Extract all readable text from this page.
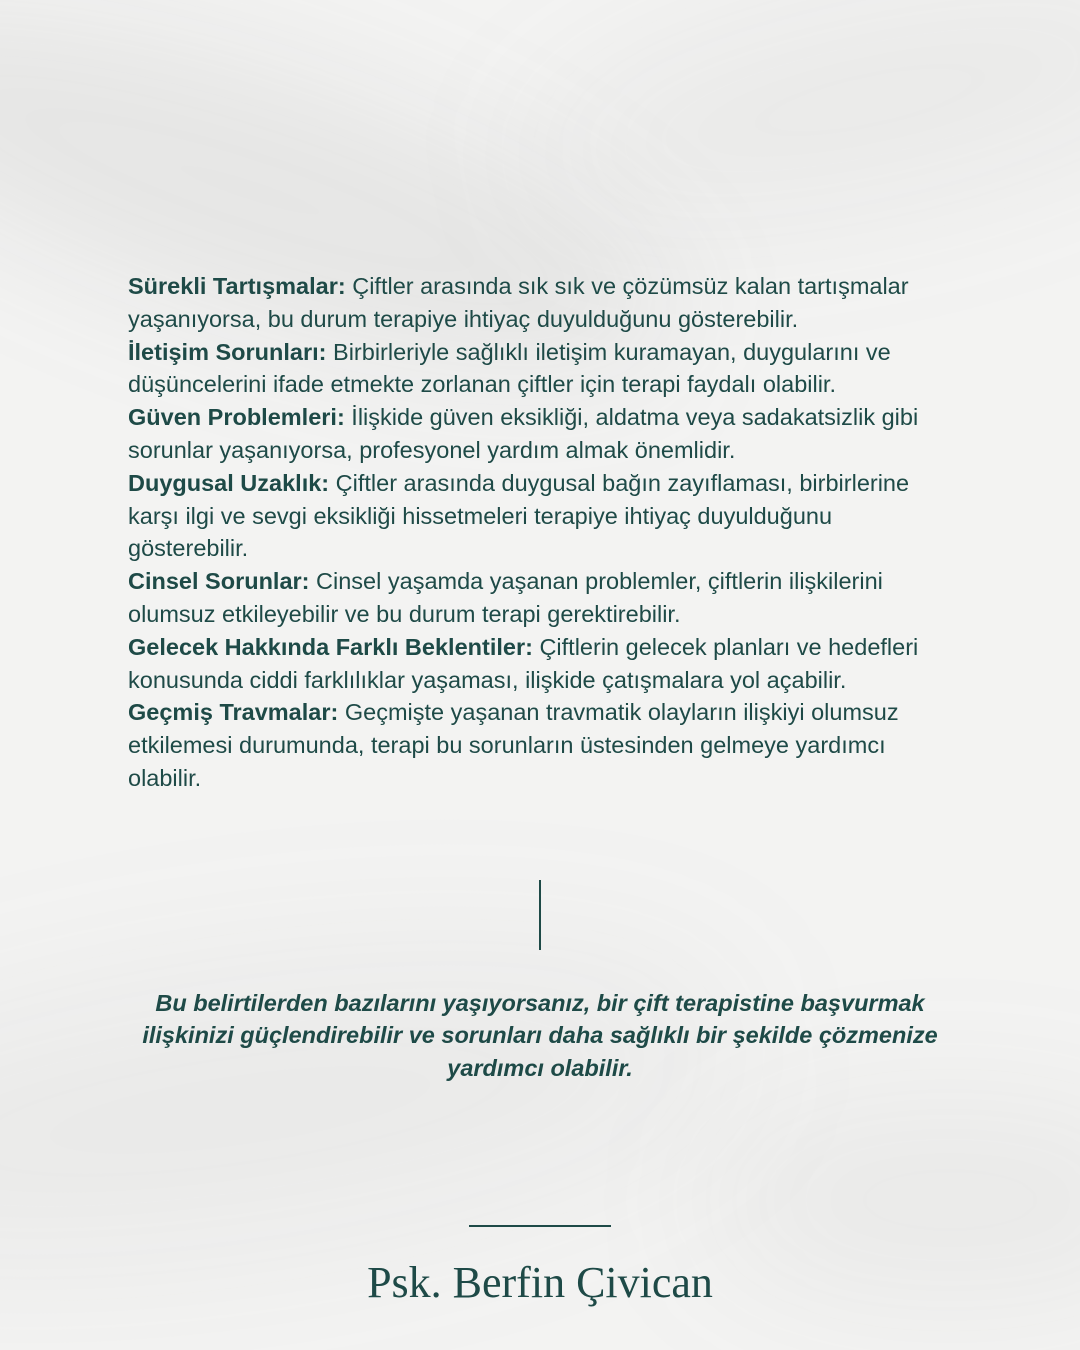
Sürekli Tartışmalar: Çiftler arasında sık sık ve çözümsüz kalan tartışmalar yaşanıyorsa, bu durum terapiye ihtiyaç duyulduğunu gösterebilir.

İletişim Sorunları: Birbirleriyle sağlıklı iletişim kuramayan, duygularını ve düşüncelerini ifade etmekte zorlanan çiftler için terapi faydalı olabilir.

Güven Problemleri: İlişkide güven eksikliği, aldatma veya sadakatsizlik gibi sorunlar yaşanıyorsa, profesyonel yardım almak önemlidir.

Duygusal Uzaklık: Çiftler arasında duygusal bağın zayıflaması, birbirlerine karşı ilgi ve sevgi eksikliği hissetmeleri terapiye ihtiyaç duyulduğunu gösterebilir.

Cinsel Sorunlar: Cinsel yaşamda yaşanan problemler, çiftlerin ilişkilerini olumsuz etkileyebilir ve bu durum terapi gerektirebilir.

Gelecek Hakkında Farklı Beklentiler: Çiftlerin gelecek planları ve hedefleri konusunda ciddi farklılıklar yaşaması, ilişkide çatışmalara yol açabilir.

Geçmiş Travmalar: Geçmişte yaşanan travmatik olayların ilişkiyi olumsuz etkilemesi durumunda, terapi bu sorunların üstesinden gelmeye yardımcı olabilir.

Bu belirtilerden bazılarını yaşıyorsanız, bir çift terapistine başvurmak ilişkinizi güçlendirebilir ve sorunları daha sağlıklı bir şekilde çözmenize yardımcı olabilir.

Psk. Berfin Çivican
